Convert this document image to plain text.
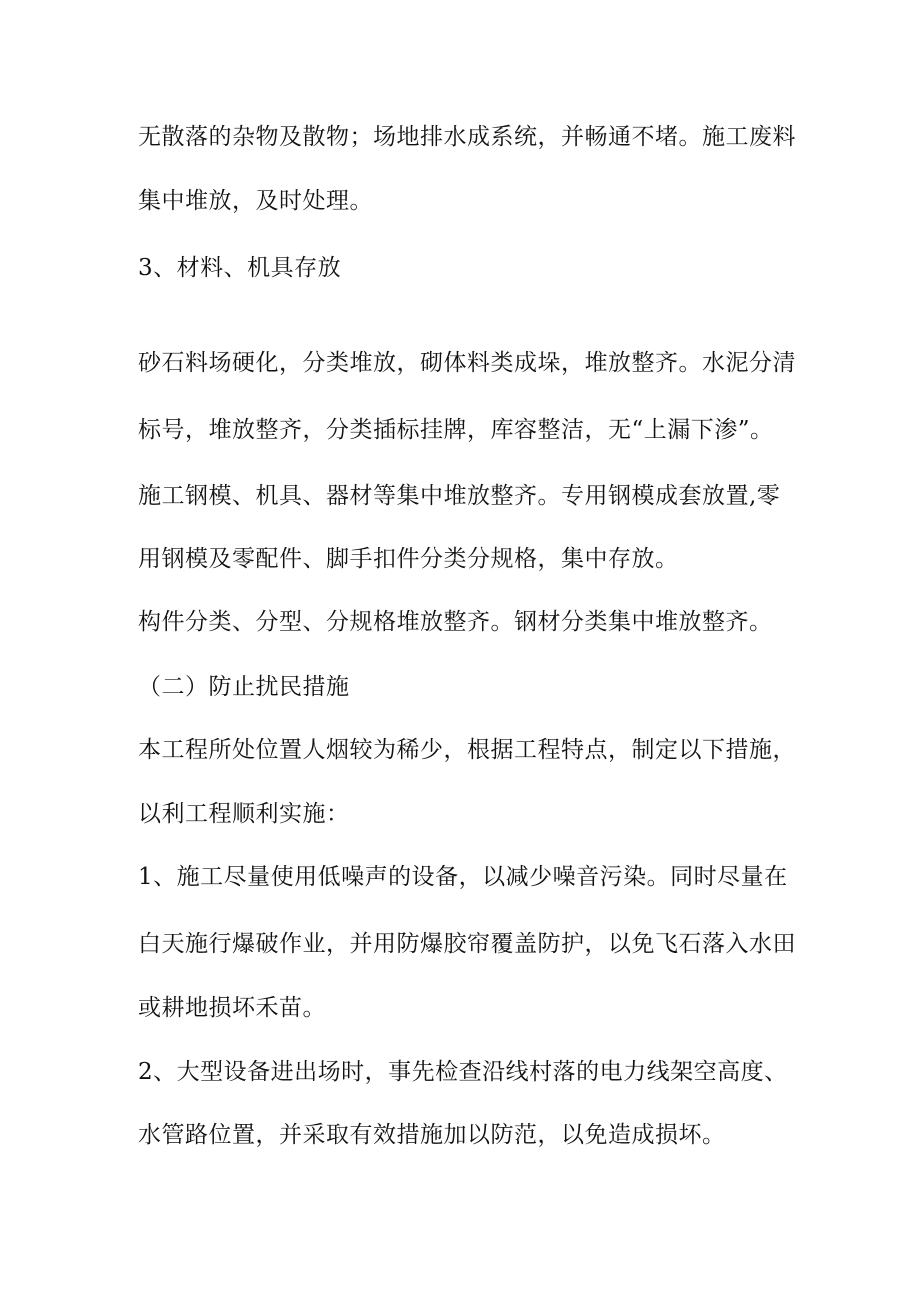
无散落的杂物及散物；场地排水成系统，并畅通不堵。施工废料
集中堆放，及时处理。
3、材料、机具存放
砂石料场硬化，分类堆放，砌体料类成垛，堆放整齐。水泥分清
标号，堆放整齐，分类插标挂牌，库容整洁，无“上漏下渗”。
施工钢模、机具、器材等集中堆放整齐。专用钢模成套放置,零
用钢模及零配件、脚手扣件分类分规格，集中存放。
构件分类、分型、分规格堆放整齐。钢材分类集中堆放整齐。
（二）防止扰民措施
本工程所处位置人烟较为稀少，根据工程特点，制定以下措施，
以利工程顺利实施：
1、施工尽量使用低噪声的设备，以减少噪音污染。同时尽量在
白天施行爆破作业，并用防爆胶帘覆盖防护，以免飞石落入水田
或耕地损坏禾苗。
2、大型设备进出场时，事先检查沿线村落的电力线架空高度、
水管路位置，并采取有效措施加以防范，以免造成损坏。
